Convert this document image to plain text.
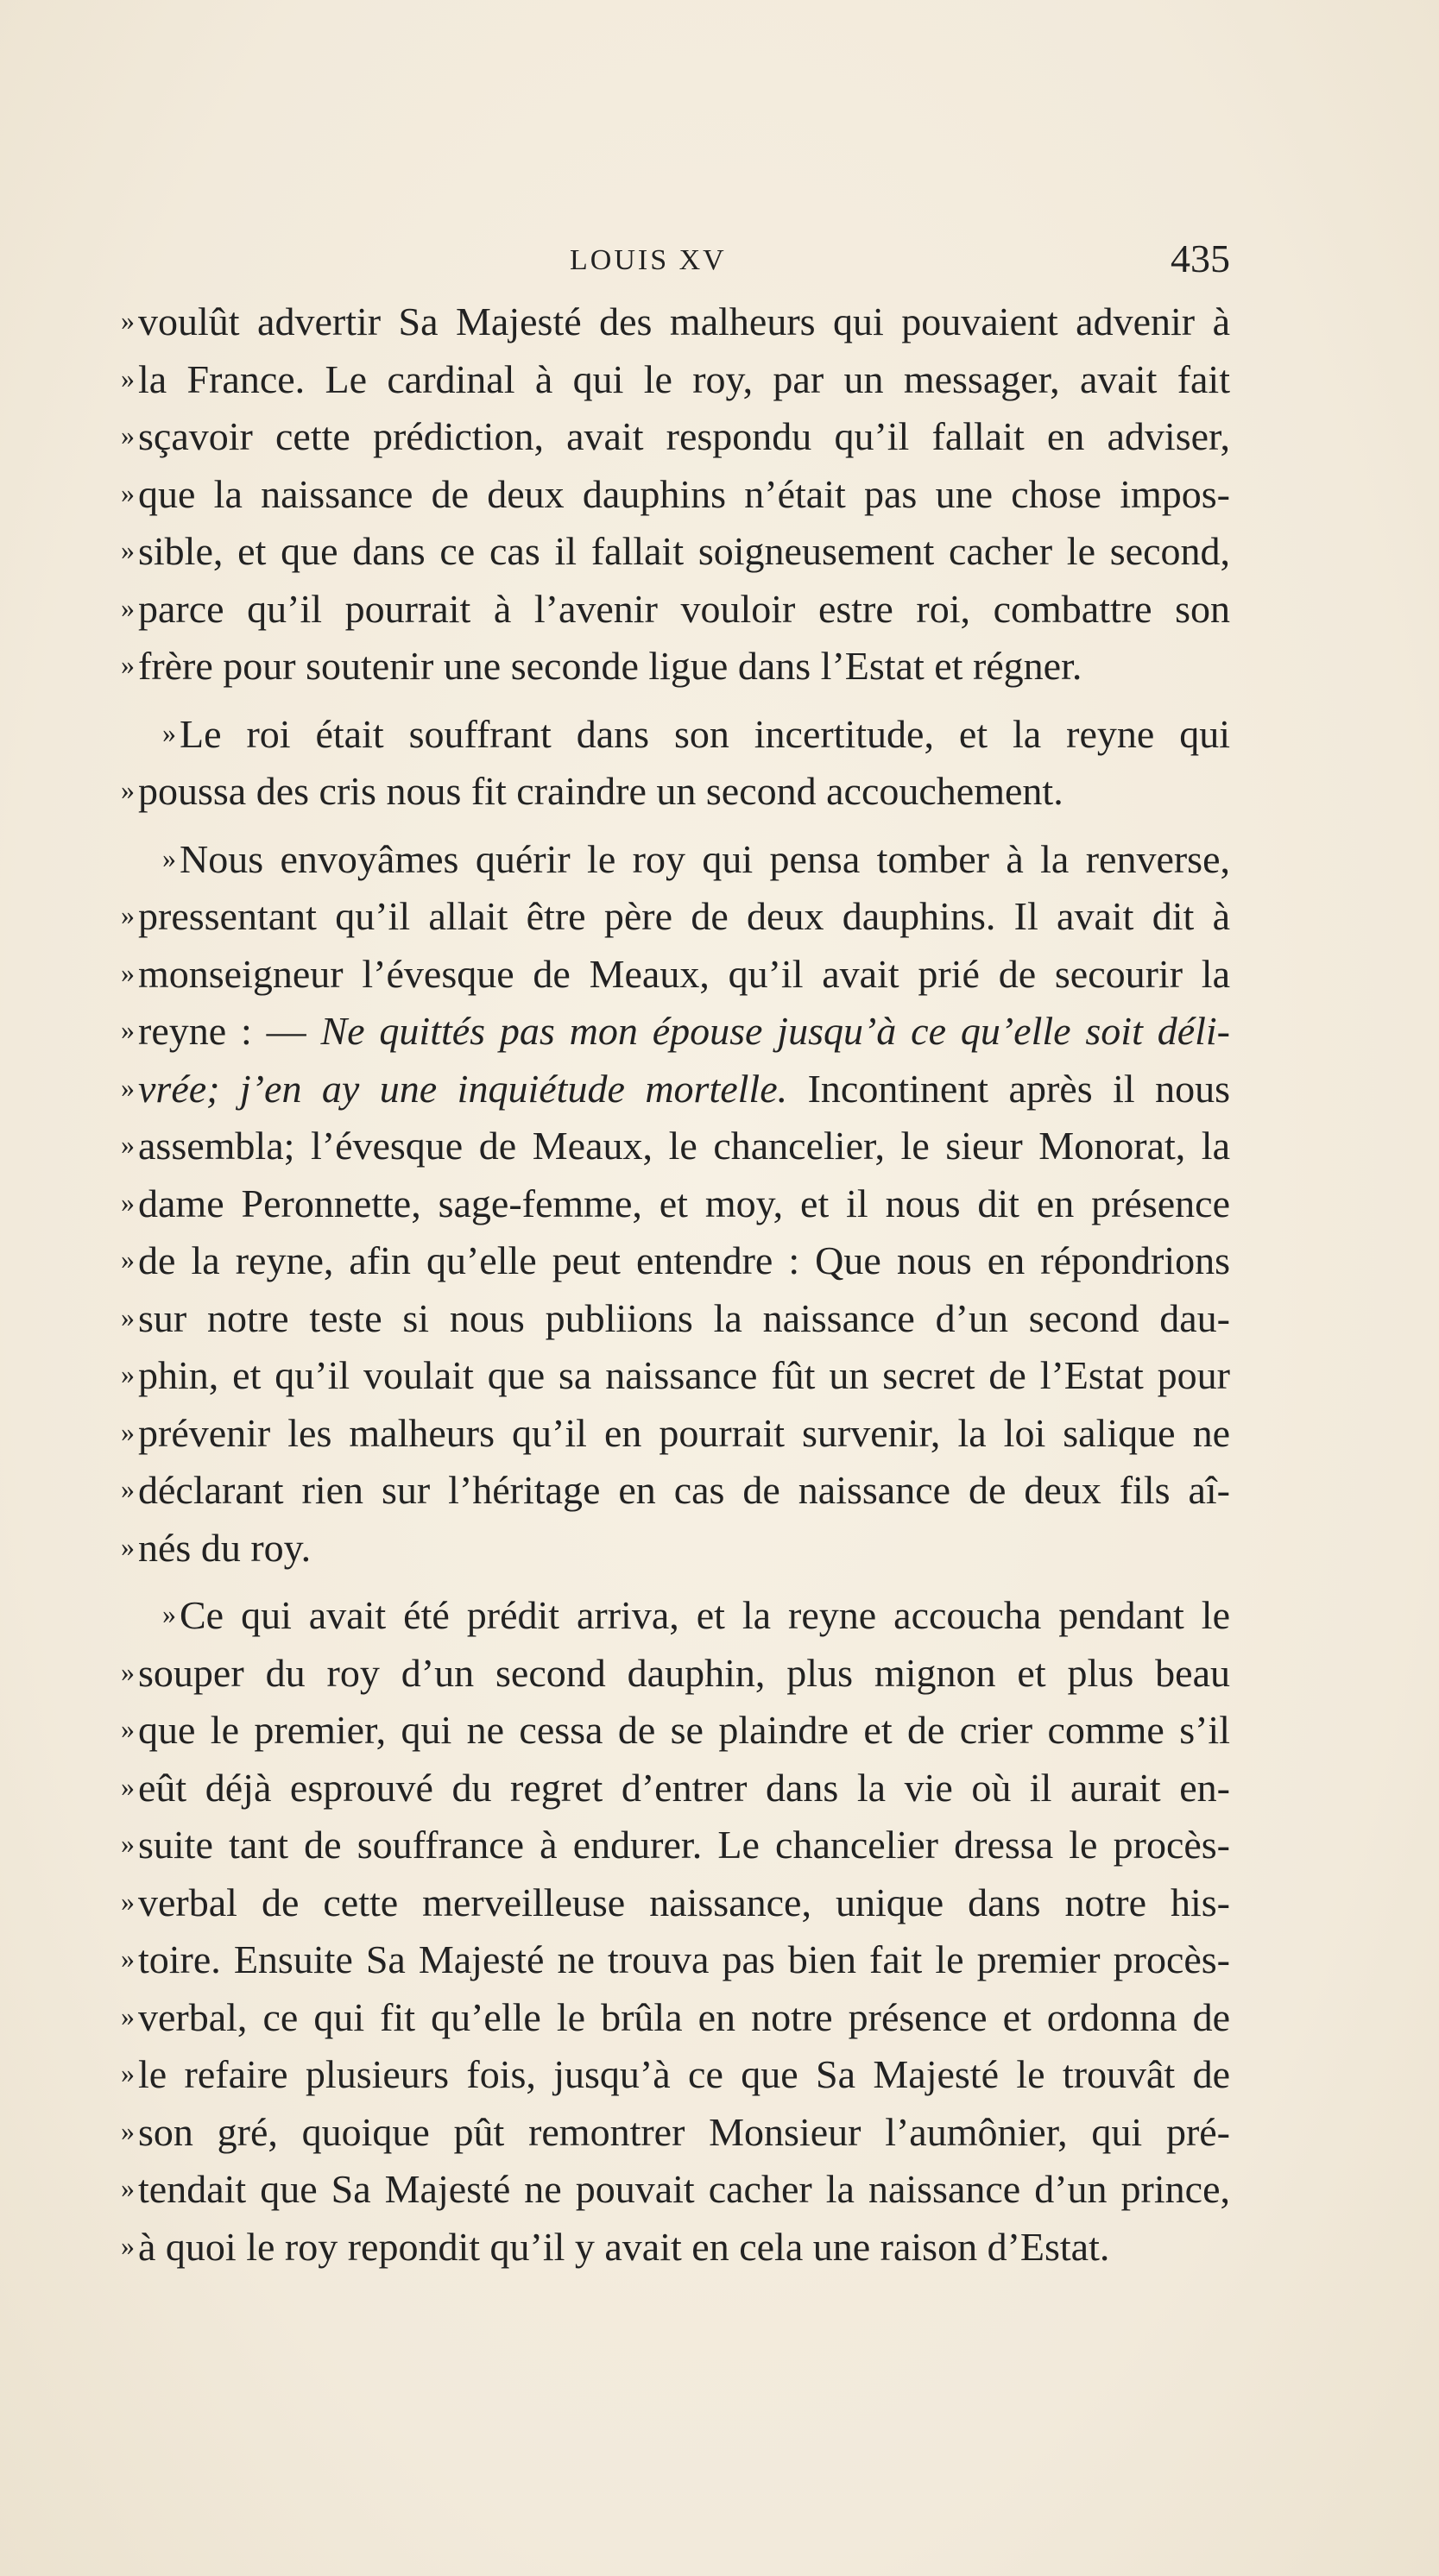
LOUIS XV	435
»voulût advertir Sa Majesté des malheurs qui pouvaient advenir à
»la France. Le cardinal à qui le roy, par un messager, avait fait
»sçavoir cette prédiction, avait respondu qu’il fallait en adviser,
»que la naissance de deux dauphins n’était pas une chose impos-
»sible, et que dans ce cas il fallait soigneusement cacher le second,
»parce qu’il pourrait à l’avenir vouloir estre roi, combattre son
»frère pour soutenir une seconde ligue dans l’Estat et régner.
»Le roi était souffrant dans son incertitude, et la reyne qui
»poussa des cris nous fit craindre un second accouchement.
»Nous envoyâmes quérir le roy qui pensa tomber à la renverse,
»pressentant qu’il allait être père de deux dauphins. Il avait dit à
»monseigneur l’évesque de Meaux, qu’il avait prié de secourir la
»reyne : — Ne quittés pas mon épouse jusqu’à ce qu’elle soit déli-
»vrée; j’en ay une inquiétude mortelle. Incontinent après il nous
»assembla; l’évesque de Meaux, le chancelier, le sieur Monorat, la
»dame Peronnette, sage-femme, et moy, et il nous dit en présence
»de la reyne, afin qu’elle peut entendre : Que nous en répondrions
»sur notre teste si nous publiions la naissance d’un second dau-
»phin, et qu’il voulait que sa naissance fût un secret de l’Estat pour
»prévenir les malheurs qu’il en pourrait survenir, la loi salique ne
»déclarant rien sur l’héritage en cas de naissance de deux fils aî-
»nés du roy.
»Ce qui avait été prédit arriva, et la reyne accoucha pendant le
»souper du roy d’un second dauphin, plus mignon et plus beau
»que le premier, qui ne cessa de se plaindre et de crier comme s’il
»eût déjà esprouvé du regret d’entrer dans la vie où il aurait en-
»suite tant de souffrance à endurer. Le chancelier dressa le procès-
»verbal de cette merveilleuse naissance, unique dans notre his-
»toire. Ensuite Sa Majesté ne trouva pas bien fait le premier procès-
»verbal, ce qui fit qu’elle le brûla en notre présence et ordonna de
»le refaire plusieurs fois, jusqu’à ce que Sa Majesté le trouvât de
»son gré, quoique pût remontrer Monsieur l’aumônier, qui pré-
»tendait que Sa Majesté ne pouvait cacher la naissance d’un prince,
»à quoi le roy repondit qu’il y avait en cela une raison d’Estat.
